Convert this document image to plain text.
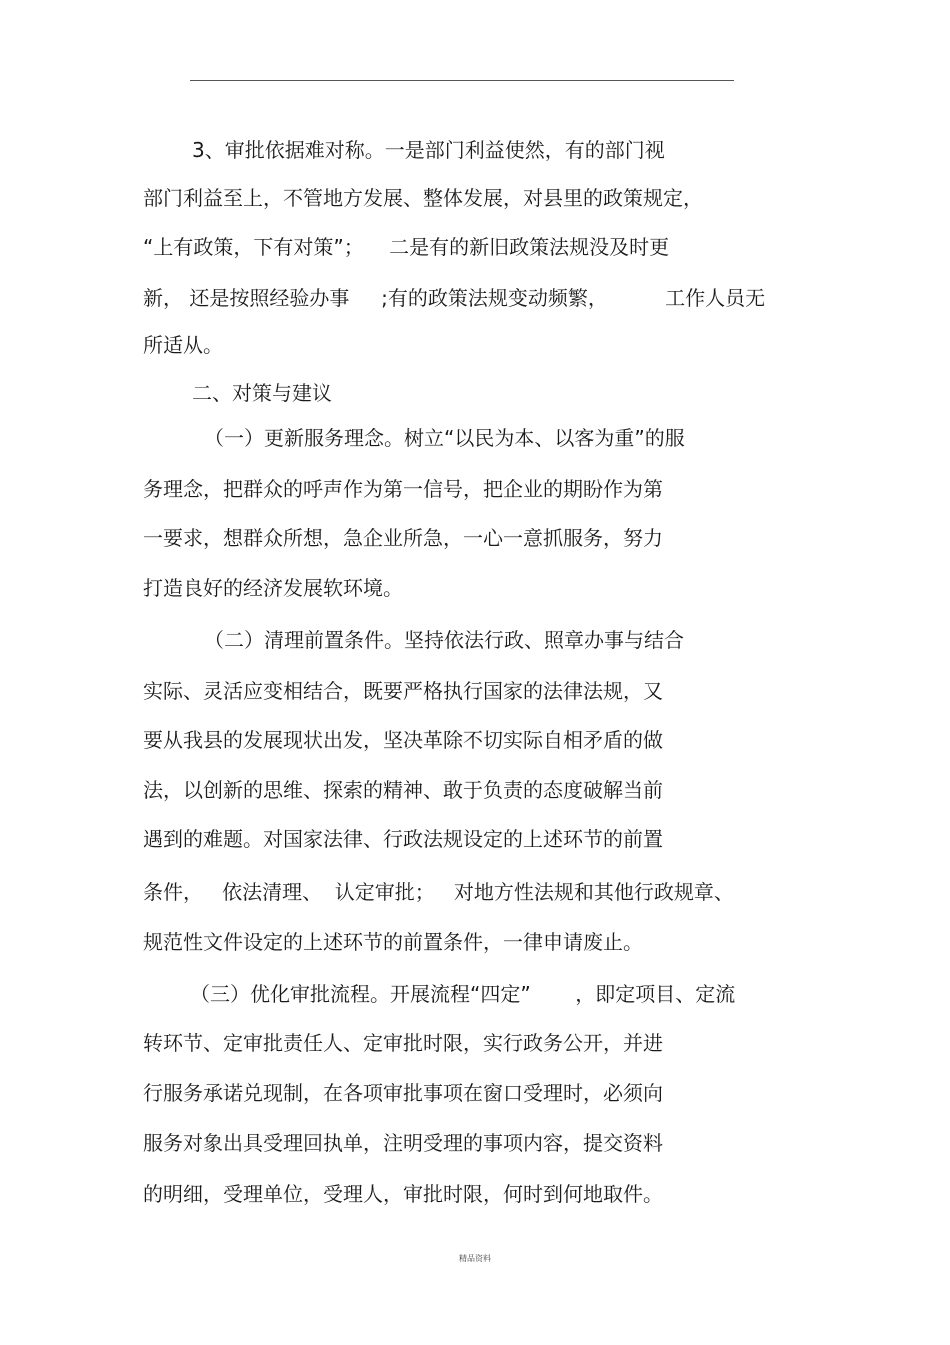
3、审批依据难对称。一是部门利益使然，有的部门视
部门利益至上，不管地方发展、整体发展，对县里的政策规定，
“上有政策，下有对策”；    二是有的新旧政策法规没及时更
新， 还是按照经验办事     ;有的政策法规变动频繁，         工作人员无
所适从。
二、对策与建议
（一）更新服务理念。树立“以民为本、以客为重”的服
务理念，把群众的呼声作为第一信号，把企业的期盼作为第
一要求，想群众所想，急企业所急，一心一意抓服务，努力
打造良好的经济发展软环境。
（二）清理前置条件。坚持依法行政、照章办事与结合
实际、灵活应变相结合，既要严格执行国家的法律法规，又
要从我县的发展现状出发，坚决革除不切实际自相矛盾的做
法，以创新的思维、探索的精神、敢于负责的态度破解当前
遇到的难题。对国家法律、行政法规设定的上述环节的前置
条件，   依法清理、  认定审批；   对地方性法规和其他行政规章、
规范性文件设定的上述环节的前置条件，一律申请废止。
（三）优化审批流程。开展流程“四定”       ，即定项目、定流
转环节、定审批责任人、定审批时限，实行政务公开，并进
行服务承诺兑现制，在各项审批事项在窗口受理时，必须向
服务对象出具受理回执单，注明受理的事项内容，提交资料
的明细，受理单位，受理人，审批时限，何时到何地取件。
精品资料
